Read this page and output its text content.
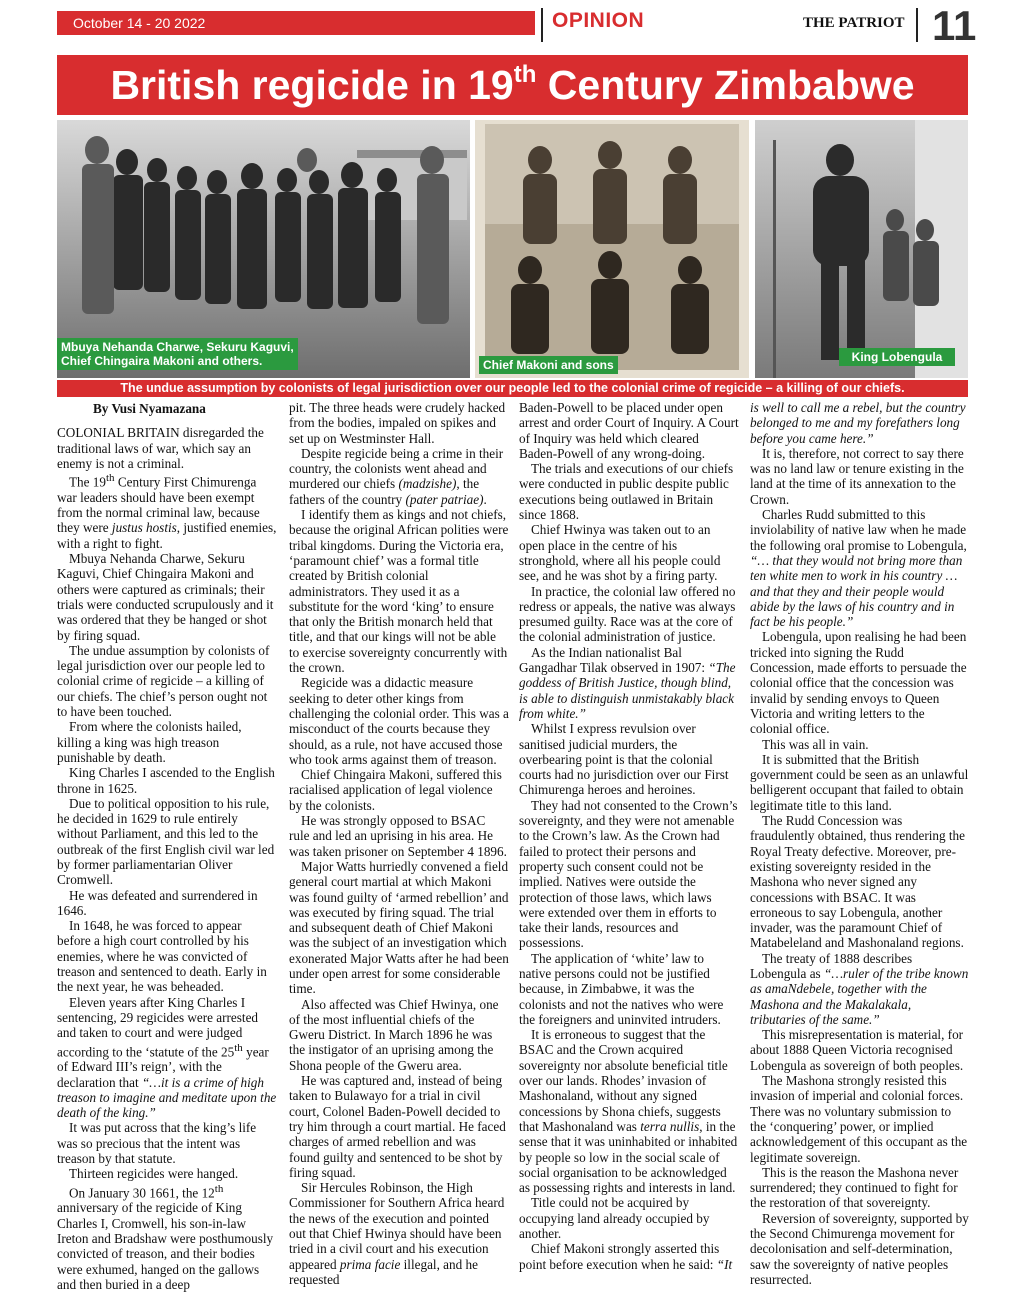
October 14 - 20 2022	OPINION	THE PATRIOT 11
British regicide in 19th Century Zimbabwe
Mbuya Nehanda Charwe, Sekuru Kaguvi,
Chief Chingaira Makoni and others.	Chief Makoni and sons
King Lobengula
The undue assumption by colonists of legal jurisdiction over our people led to the colonial crime of regicide – a killing of our chiefs.

By Vusi Nyamazana

COLONIAL BRITAIN disregarded the traditional laws of war, which say an enemy is not a criminal.

The 19th Century First Chimurenga war leaders should have been exempt from the normal criminal law, because they were justus hostis, justified enemies, with a right to fight.

Mbuya Nehanda Charwe, Sekuru Kaguvi, Chief Chingaira Makoni and others were captured as criminals; their trials were conducted scrupulously and it was ordered that they be hanged or shot by firing squad.

The undue assumption by colonists of legal jurisdiction over our people led to colonial crime of regicide – a killing of our chiefs. The chief’s person ought not to have been touched.

From where the colonists hailed, killing a king was high treason punishable by death.

King Charles I ascended to the English throne in 1625.

Due to political opposition to his rule, he decided in 1629 to rule entirely without Parliament, and this led to the outbreak of the first English civil war led by former parliamentarian Oliver Cromwell.

He was defeated and surrendered in 1646.

In 1648, he was forced to appear before a high court controlled by his enemies, where he was convicted of treason and sentenced to death. Early in the next year, he was beheaded.

Eleven years after King Charles I sentencing, 29 regicides were arrested and taken to court and were judged according to the ‘statute of the 25th year of Edward III’s reign’, with the declaration that “…it is a crime of high treason to imagine and meditate upon the death of the king.”

It was put across that the king’s life was so precious that the intent was treason by that statute.

Thirteen regicides were hanged.

On January 30 1661, the 12th anniversary of the regicide of King Charles I, Cromwell, his son-in-law Ireton and Bradshaw were posthumously convicted of treason, and their bodies were exhumed, hanged on the gallows and then buried in a deep

pit. The three heads were crudely hacked from the bodies, impaled on spikes and set up on Westminster Hall.

Despite regicide being a crime in their country, the colonists went ahead and murdered our chiefs (madzishe), the fathers of the country (pater patriae).

I identify them as kings and not chiefs, because the original African polities were tribal kingdoms. During the Victoria era, ‘paramount chief’ was a formal title created by British colonial administrators. They used it as a substitute for the word ‘king’ to ensure that only the British monarch held that title, and that our kings will not be able to exercise sovereignty concurrently with the crown.

Regicide was a didactic measure seeking to deter other kings from challenging the colonial order. This was a misconduct of the courts because they should, as a rule, not have accused those who took arms against them of treason.

Chief Chingaira Makoni, suffered this racialised application of legal violence by the colonists.

He was strongly opposed to BSAC rule and led an uprising in his area. He was taken prisoner on September 4 1896.

Major Watts hurriedly convened a field general court martial at which Makoni was found guilty of ‘armed rebellion’ and was executed by firing squad. The trial and subsequent death of Chief Makoni was the subject of an investigation which exonerated Major Watts after he had been under open arrest for some considerable time.

Also affected was Chief Hwinya, one of the most influential chiefs of the Gweru District. In March 1896 he was the instigator of an uprising among the Shona people of the Gweru area.

He was captured and, instead of being taken to Bulawayo for a trial in civil court, Colonel Baden-Powell decided to try him through a court martial. He faced charges of armed rebellion and was found guilty and sentenced to be shot by firing squad.

Sir Hercules Robinson, the High Commissioner for Southern Africa heard the news of the execution and pointed out that Chief Hwinya should have been tried in a civil court and his execution appeared prima facie illegal, and he requested

Baden-Powell to be placed under open arrest and order Court of Inquiry. A Court of Inquiry was held which cleared Baden-Powell of any wrong-doing.

The trials and executions of our chiefs were conducted in public despite public executions being outlawed in Britain since 1868.

Chief Hwinya was taken out to an open place in the centre of his stronghold, where all his people could see, and he was shot by a firing party.

In practice, the colonial law offered no redress or appeals, the native was always presumed guilty. Race was at the core of the colonial administration of justice.

As the Indian nationalist Bal Gangadhar Tilak observed in 1907: “The goddess of British Justice, though blind, is able to distinguish unmistakably black from white.”

Whilst I express revulsion over sanitised judicial murders, the overbearing point is that the colonial courts had no jurisdiction over our First Chimurenga heroes and heroines.

They had not consented to the Crown’s sovereignty, and they were not amenable to the Crown’s law. As the Crown had failed to protect their persons and property such consent could not be implied. Natives were outside the protection of those laws, which laws were extended over them in efforts to take their lands, resources and possessions.

The application of ‘white’ law to native persons could not be justified because, in Zimbabwe, it was the colonists and not the natives who were the foreigners and uninvited intruders.

It is erroneous to suggest that the BSAC and the Crown acquired sovereignty nor absolute beneficial title over our lands. Rhodes’ invasion of Mashonaland, without any signed concessions by Shona chiefs, suggests that Mashonaland was terra nullis, in the sense that it was uninhabited or inhabited by people so low in the social scale of social organisation to be acknowledged as possessing rights and interests in land.

Title could not be acquired by occupying land already occupied by another.

Chief Makoni strongly asserted this point before execution when he said: “It

is well to call me a rebel, but the country belonged to me and my forefathers long before you came here.”

It is, therefore, not correct to say there was no land law or tenure existing in the land at the time of its annexation to the Crown.

Charles Rudd submitted to this inviolability of native law when he made the following oral promise to Lobengula, “… that they would not bring more than ten white men to work in his country … and that they and their people would abide by the laws of his country and in fact be his people.”

Lobengula, upon realising he had been tricked into signing the Rudd Concession, made efforts to persuade the colonial office that the concession was invalid by sending envoys to Queen Victoria and writing letters to the colonial office.

This was all in vain.

It is submitted that the British government could be seen as an unlawful belligerent occupant that failed to obtain legitimate title to this land.

The Rudd Concession was fraudulently obtained, thus rendering the Royal Treaty defective. Moreover, pre-existing sovereignty resided in the Mashona who never signed any concessions with BSAC. It was erroneous to say Lobengula, another invader, was the paramount Chief of Matabeleland and Mashonaland regions.

The treaty of 1888 describes Lobengula as “…ruler of the tribe known as amaNdebele, together with the Mashona and the Makalakala, tributaries of the same.”

This misrepresentation is material, for about 1888 Queen Victoria recognised Lobengula as sovereign of both peoples.

The Mashona strongly resisted this invasion of imperial and colonial forces. There was no voluntary submission to the ‘conquering’ power, or implied acknowledgement of this occupant as the legitimate sovereign.

This is the reason the Mashona never surrendered; they continued to fight for the restoration of that sovereignty.

Reversion of sovereignty, supported by the Second Chimurenga movement for decolonisation and self-determination, saw the sovereignty of native peoples resurrected.
